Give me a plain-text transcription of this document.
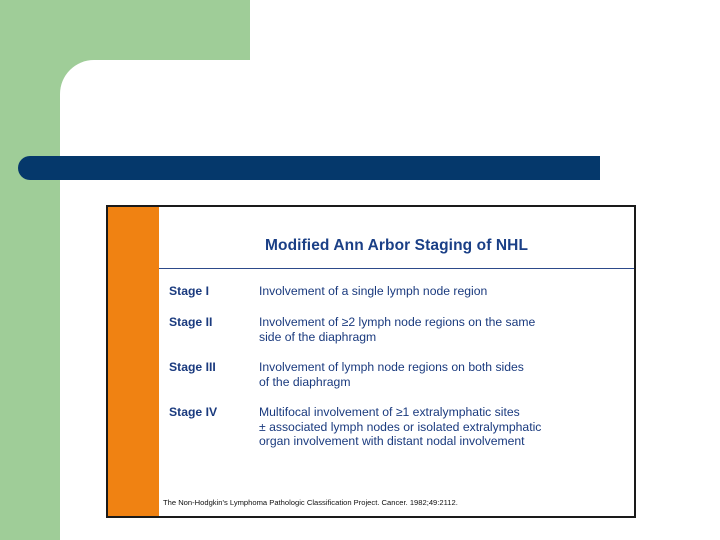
Modified Ann Arbor Staging of NHL
Stage I	Involvement of a single lymph node region
Stage II	Involvement of ≥2 lymph node regions on the same
side of the diaphragm
Stage III	Involvement of lymph node regions on both sides
of the diaphragm
Stage IV	Multifocal involvement of ≥1 extralymphatic sites
± associated lymph nodes or isolated extralymphatic
organ involvement with distant nodal involvement
The Non-Hodgkin's Lymphoma Pathologic Classification Project. Cancer. 1982;49:2112.
